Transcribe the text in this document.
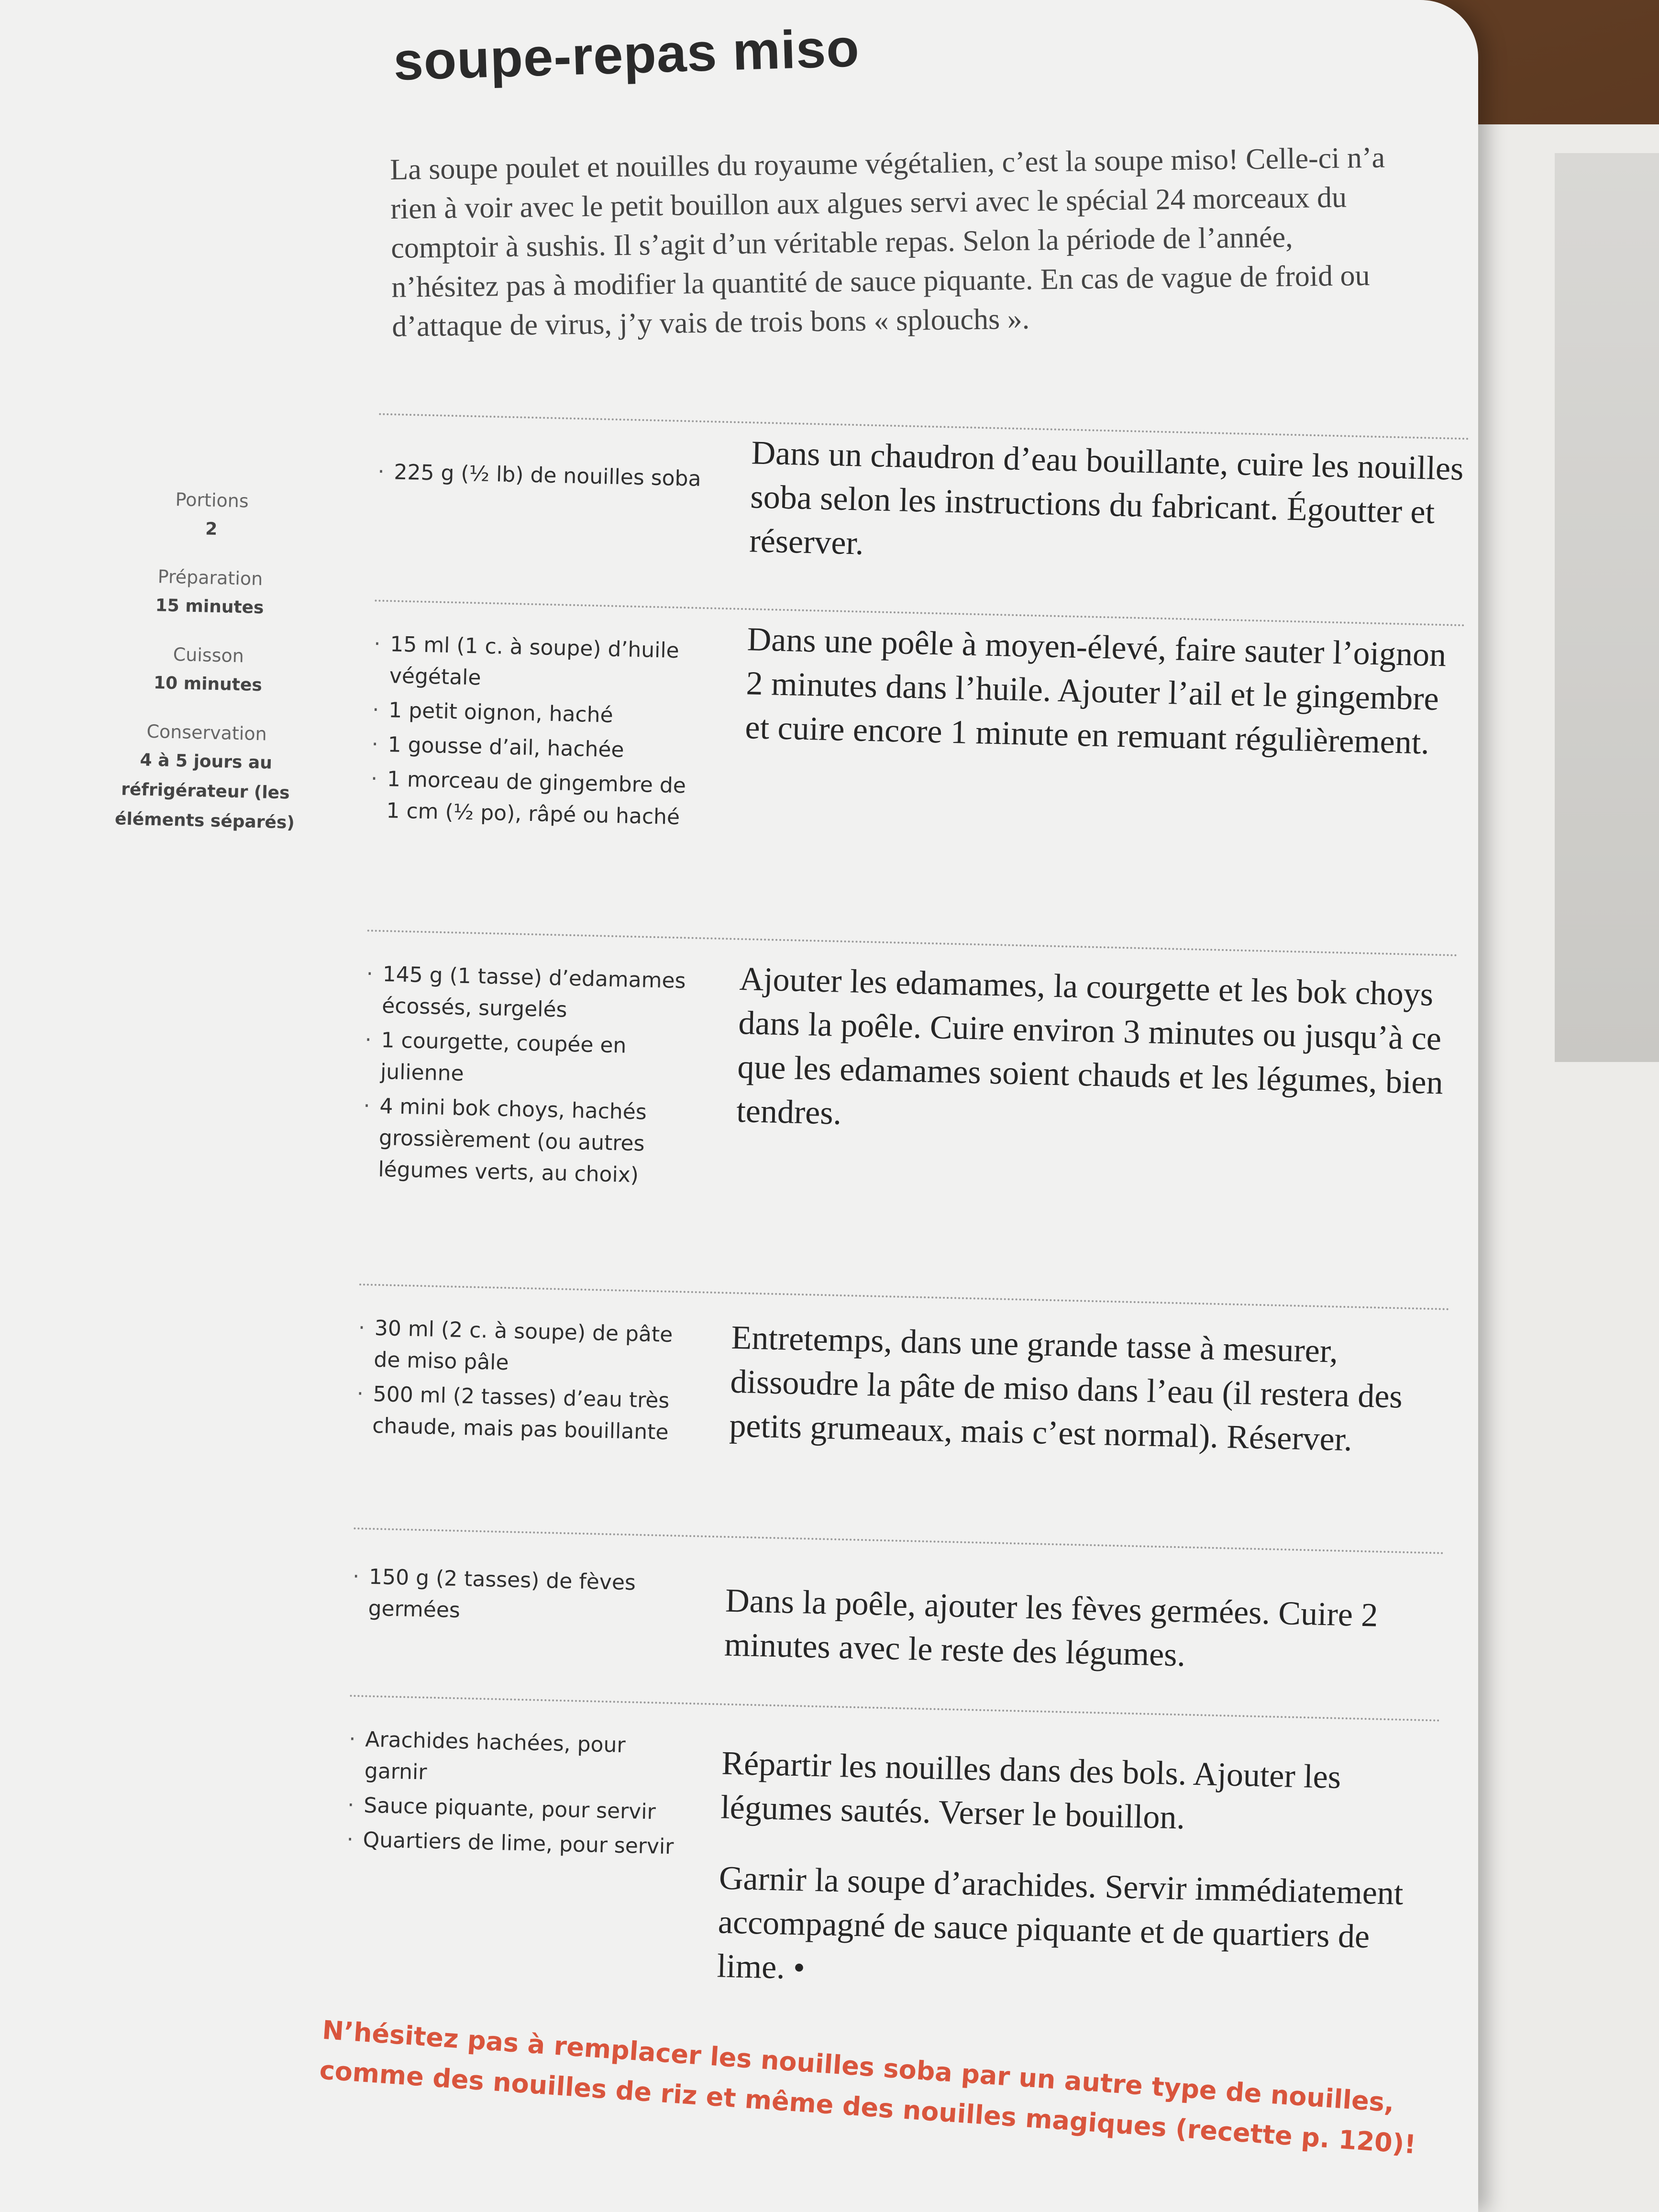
soupe-repas miso

La soupe poulet et nouilles du royaume végétalien, c’est la soupe miso! Celle-ci n’a rien à voir avec le petit bouillon aux algues servi avec le spécial 24 morceaux du comptoir à sushis. Il s’agit d’un véritable repas. Selon la période de l’année, n’hésitez pas à modifier la quantité de sauce piquante. En cas de vague de froid ou d’attaque de virus, j’y vais de trois bons « splouchs ».

Portions
2
Préparation
15 minutes
Cuisson
10 minutes
Conservation
4 à 5 jours au réfrigérateur (les éléments séparés)
· 225 g (½ lb) de nouilles soba	Dans un chaudron d’eau bouillante, cuire les nouilles soba selon les instructions du fabricant. Égoutter et réserver.

· 15 ml (1 c. à soupe) d’huile végétale
· 1 petit oignon, haché
· 1 gousse d’ail, hachée
· 1 morceau de gingembre de 1 cm (½ po), râpé ou haché

Dans une poêle à moyen-élevé, faire sauter l’oignon 2 minutes dans l’huile. Ajouter l’ail et le gingembre et cuire encore 1 minute en remuant régulièrement.

· 145 g (1 tasse) d’edamames écossés, surgelés
· 1 courgette, coupée en julienne
· 4 mini bok choys, hachés grossièrement (ou autres légumes verts, au choix)

Ajouter les edamames, la courgette et les bok choys dans la poêle. Cuire environ 3 minutes ou jusqu’à ce que les edamames soient chauds et les légumes, bien tendres.

· 30 ml (2 c. à soupe) de pâte de miso pâle
· 500 ml (2 tasses) d’eau très chaude, mais pas bouillante

Entretemps, dans une grande tasse à mesurer, dissoudre la pâte de miso dans l’eau (il restera des petits grumeaux, mais c’est normal). Réserver.

· 150 g (2 tasses) de fèves germées	Dans la poêle, ajouter les fèves germées. Cuire 2 minutes avec le reste des légumes.

· Arachides hachées, pour garnir
· Sauce piquante, pour servir
· Quartiers de lime, pour servir

Répartir les nouilles dans des bols. Ajouter les légumes sautés. Verser le bouillon.

Garnir la soupe d’arachides. Servir immédiatement accompagné de sauce piquante et de quartiers de lime. •

N’hésitez pas à remplacer les nouilles soba par un autre type de nouilles, comme des nouilles de riz et même des nouilles magiques (recette p. 120)!
